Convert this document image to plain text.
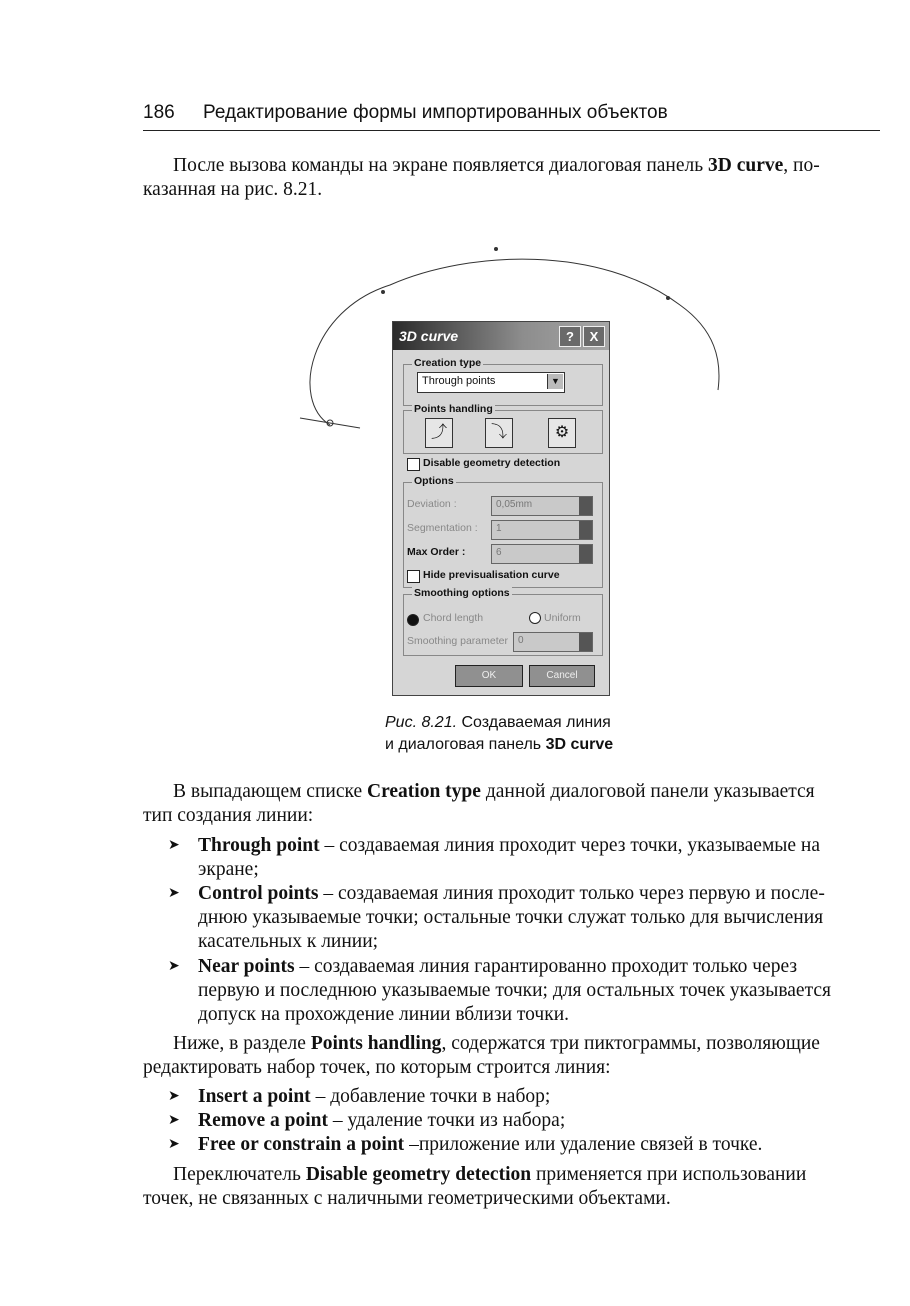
186 Редактирование формы импортированных объектов
После вызова команды на экране появляется диалоговая панель 3D curve, по-
казанная на рис. 8.21.
3D curve	?	X
Creation type
Through points	▼
Points handling
⤴	⤵	⚙
Disable geometry detection
Options
Deviation :	0,05mm
Segmentation : 1
Max Order :	6
Hide previsualisation curve
Smoothing options
Chord length	Uniform
Smoothing parameter 0
OK	Cancel
Рис. 8.21. Создаваемая линия
и диалоговая панель 3D curve
В выпадающем списке Creation type данной диалоговой панели указывается
тип создания линии:
➤ Through point – создаваемая линия проходит через точки, указываемые на
экране;
➤ Control points – создаваемая линия проходит только через первую и после-
днюю указываемые точки; остальные точки служат только для вычисления
касательных к линии;
➤ Near points – создаваемая линия гарантированно проходит только через
первую и последнюю указываемые точки; для остальных точек указывается
допуск на прохождение линии вблизи точки.
Ниже, в разделе Points handling, содержатся три пиктограммы, позволяющие
редактировать набор точек, по которым строится линия:
➤ Insert a point – добавление точки в набор;
➤ Remove a point – удаление точки из набора;
➤ Free or constrain a point –приложение или удаление связей в точке.
Переключатель Disable geometry detection применяется при использовании
точек, не связанных с наличными геометрическими объектами.
